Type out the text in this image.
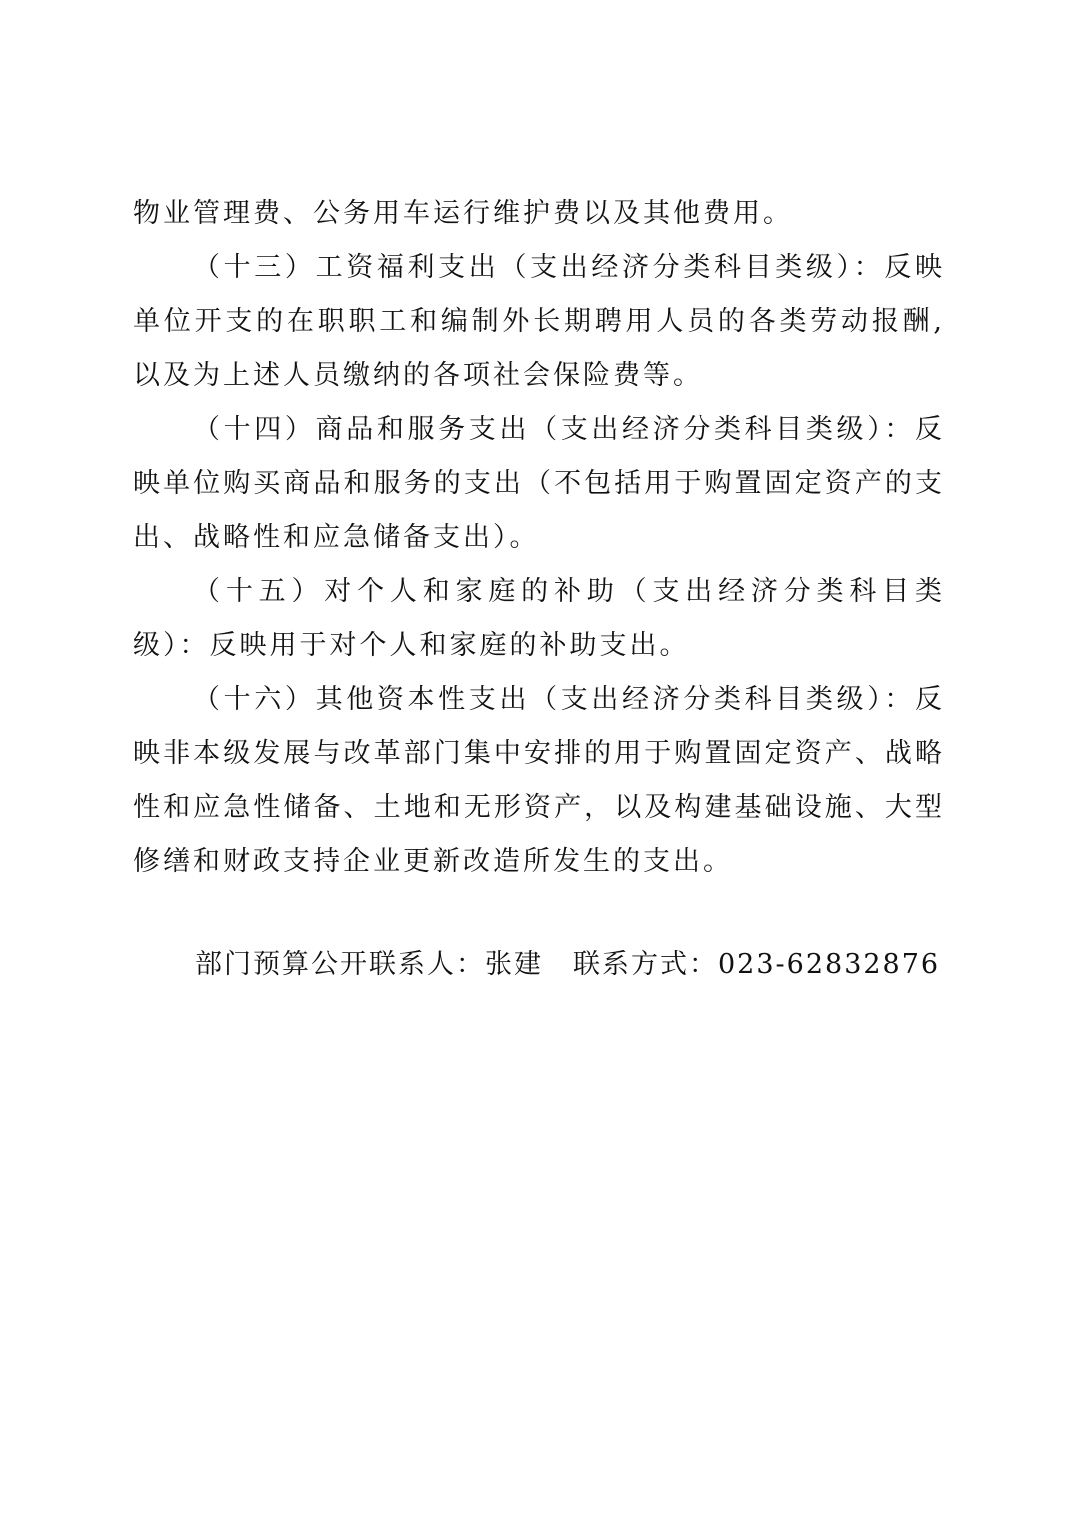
物业管理费、公务用车运行维护费以及其他费用。

（十三）工资福利支出（支出经济分类科目类级）：反映单位开支的在职职工和编制外长期聘用人员的各类劳动报酬,以及为上述人员缴纳的各项社会保险费等。

（十四）商品和服务支出（支出经济分类科目类级）：反映单位购买商品和服务的支出（不包括用于购置固定资产的支出、战略性和应急储备支出）。

（十五）对个人和家庭的补助（支出经济分类科目类级）：反映用于对个人和家庭的补助支出。

（十六）其他资本性支出（支出经济分类科目类级）：反映非本级发展与改革部门集中安排的用于购置固定资产、战略性和应急性储备、土地和无形资产，以及构建基础设施、大型修缮和财政支持企业更新改造所发生的支出。

部门预算公开联系人：张建 联系方式：023-62832876
